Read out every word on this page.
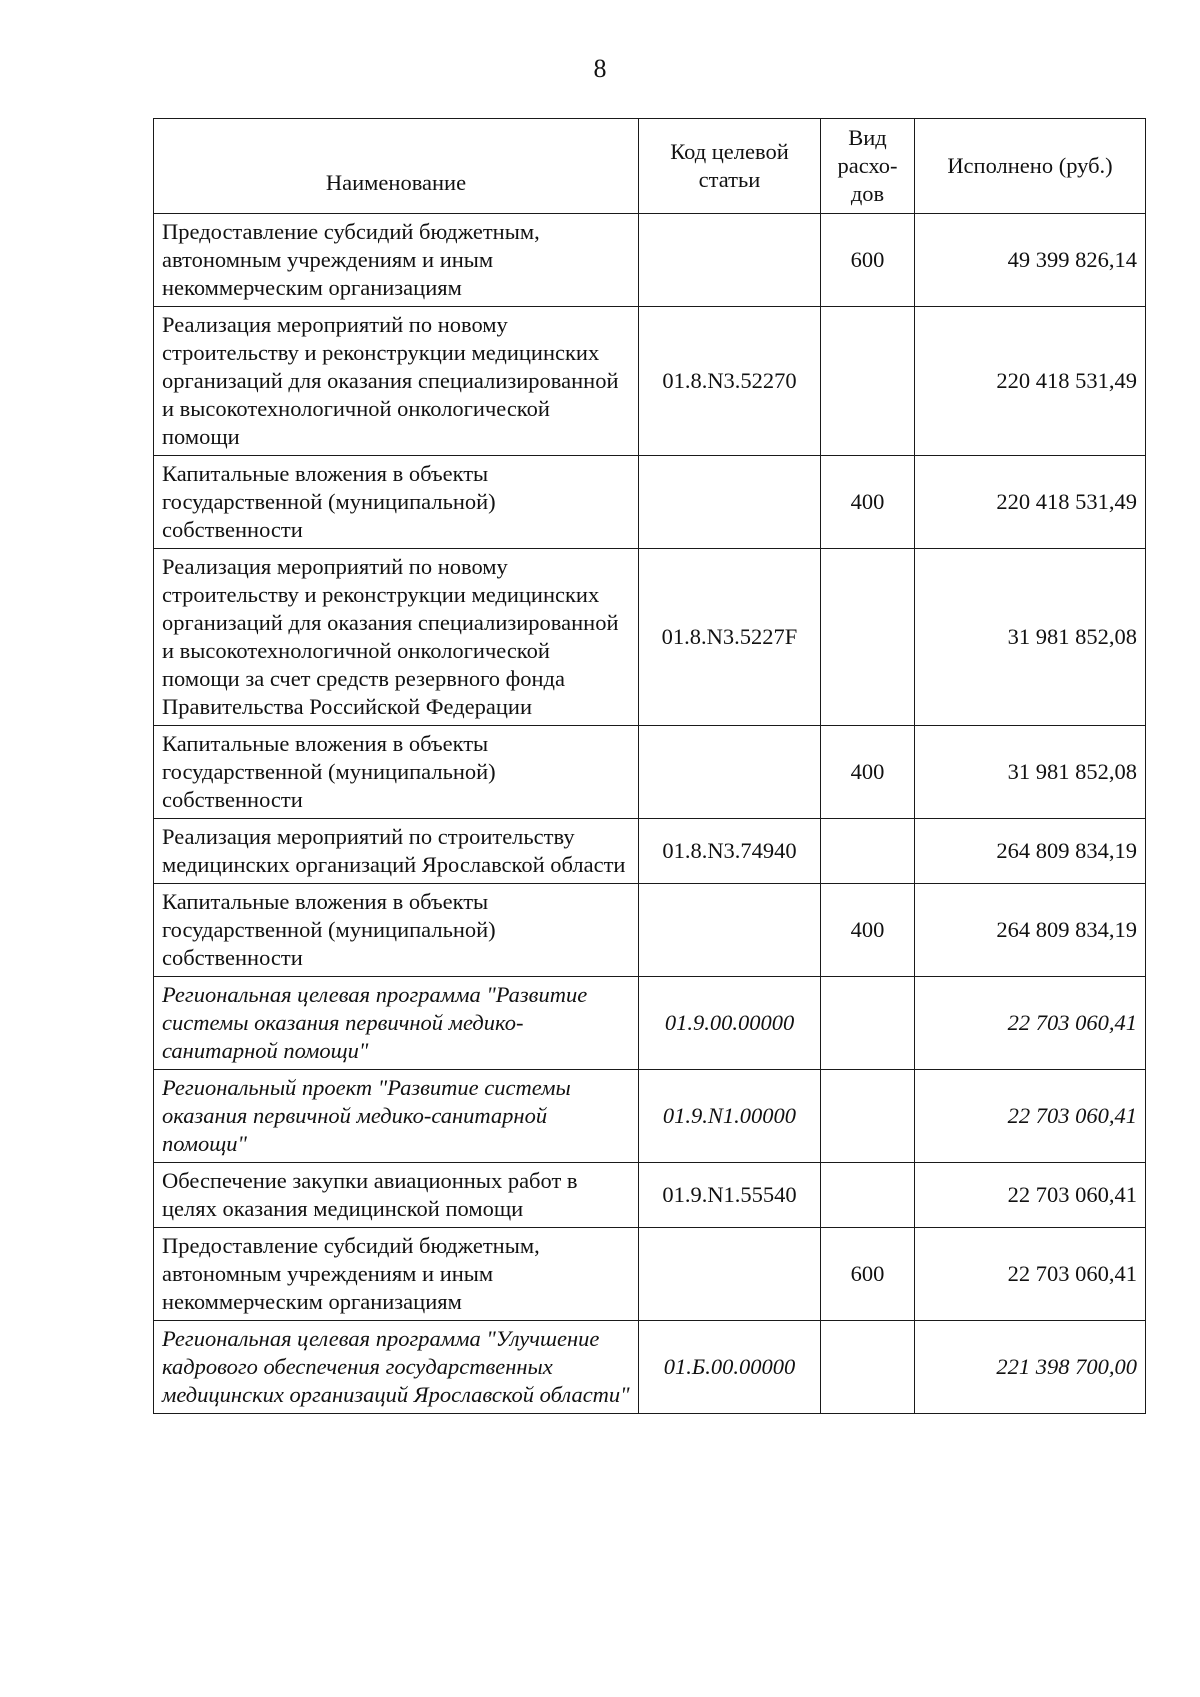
8
Наименование	Код целевой статьи	Вид расхо-дов	Исполнено (руб.)
Предоставление субсидий бюджетным, автономным учреждениям и иным некоммерческим организациям		600	49 399 826,14
Реализация мероприятий по новому строительству и реконструкции медицинских организаций для оказания специализированной и высокотехнологичной онкологической помощи	01.8.N3.52270		220 418 531,49
Капитальные вложения в объекты государственной (муниципальной) собственности		400	220 418 531,49
Реализация мероприятий по новому строительству и реконструкции медицинских организаций для оказания специализированной и высокотехнологичной онкологической помощи за счет средств резервного фонда Правительства Российской Федерации	01.8.N3.5227F		31 981 852,08
Капитальные вложения в объекты государственной (муниципальной) собственности		400	31 981 852,08
Реализация мероприятий по строительству медицинских организаций Ярославской области	01.8.N3.74940		264 809 834,19
Капитальные вложения в объекты государственной (муниципальной) собственности		400	264 809 834,19
Региональная целевая программа "Развитие системы оказания первичной медико-санитарной помощи"	01.9.00.00000		22 703 060,41
Региональный проект "Развитие системы оказания первичной медико-санитарной помощи"	01.9.N1.00000		22 703 060,41
Обеспечение закупки авиационных работ в целях оказания медицинской помощи	01.9.N1.55540		22 703 060,41
Предоставление субсидий бюджетным, автономным учреждениям и иным некоммерческим организациям		600	22 703 060,41
Региональная целевая программа "Улучшение кадрового обеспечения государственных медицинских организаций Ярославской области"	01.Б.00.00000		221 398 700,00
